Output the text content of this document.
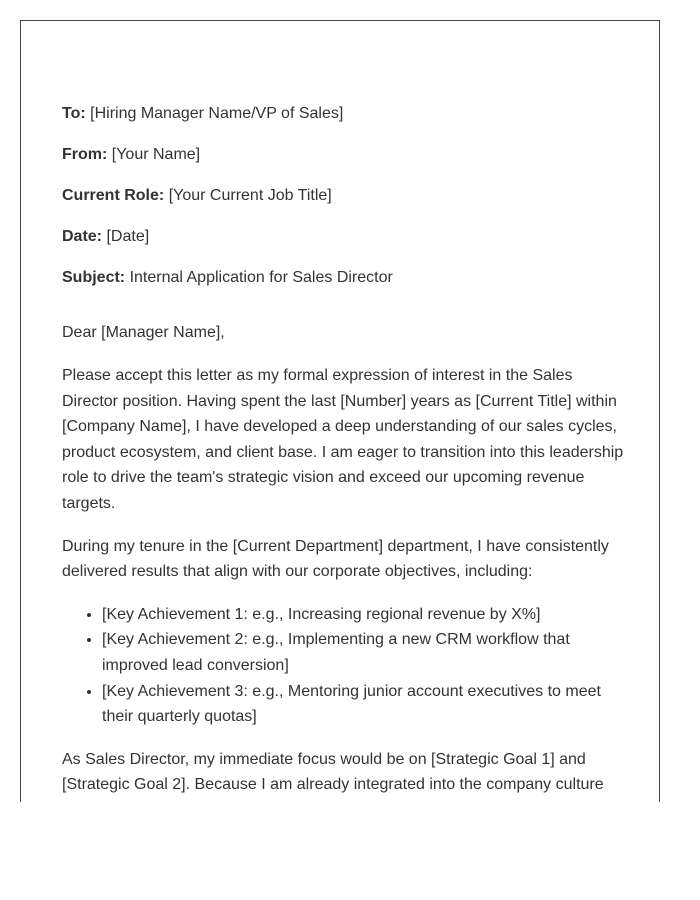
To: [Hiring Manager Name/VP of Sales]
From: [Your Name]
Current Role: [Your Current Job Title]
Date: [Date]
Subject: Internal Application for Sales Director

Dear [Manager Name],

Please accept this letter as my formal expression of interest in the Sales Director position. Having spent the last [Number] years as [Current Title] within [Company Name], I have developed a deep understanding of our sales cycles, product ecosystem, and client base. I am eager to transition into this leadership role to drive the team's strategic vision and exceed our upcoming revenue targets.

During my tenure in the [Current Department] department, I have consistently delivered results that align with our corporate objectives, including:

• [Key Achievement 1: e.g., Increasing regional revenue by X%]
• [Key Achievement 2: e.g., Implementing a new CRM workflow that improved lead conversion]
• [Key Achievement 3: e.g., Mentoring junior account executives to meet their quarterly quotas]

As Sales Director, my immediate focus would be on [Strategic Goal 1] and [Strategic Goal 2]. Because I am already integrated into the company culture
